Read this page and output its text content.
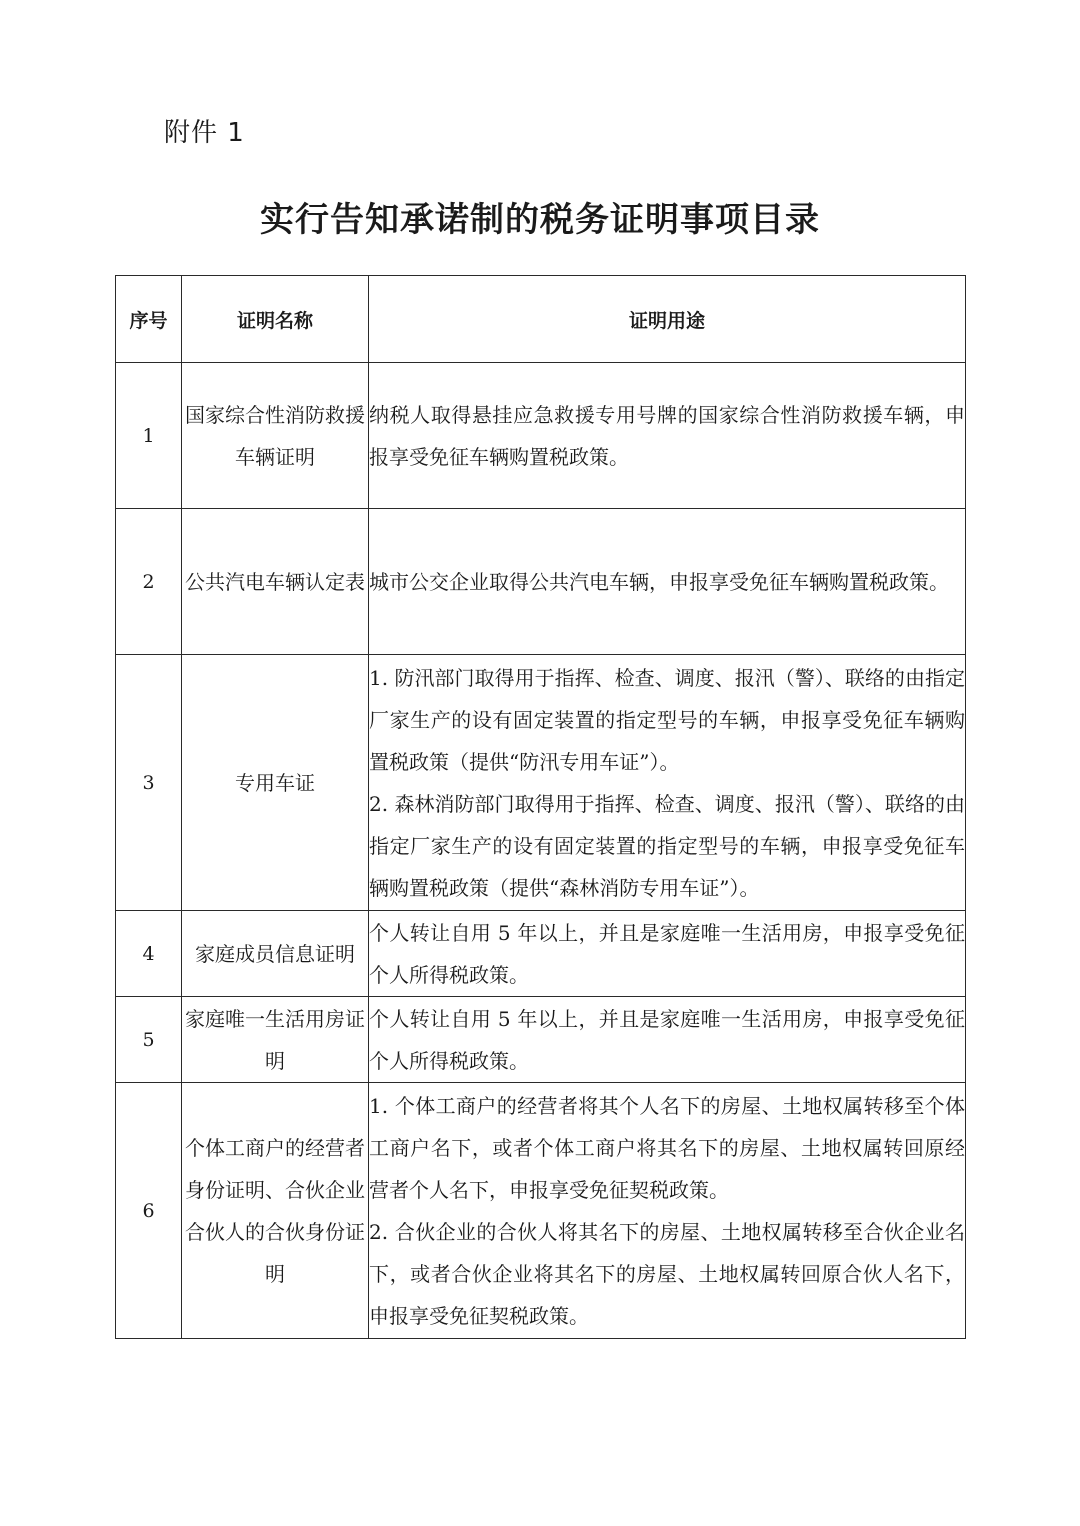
附件 1
实行告知承诺制的税务证明事项目录
序号	证明名称	证明用途
1	国家综合性消防救援车辆证明	纳税人取得悬挂应急救援专用号牌的国家综合性消防救援车辆，申报享受免征车辆购置税政策。

2	公共汽电车辆认定表	城市公交企业取得公共汽电车辆，申报享受免征车辆购置税政策。

3	专用车证	1. 防汛部门取得用于指挥、检查、调度、报汛（警）、联络的由指定厂家生产的设有固定装置的指定型号的车辆，申报享受免征车辆购置税政策（提供“防汛专用车证”）。

2. 森林消防部门取得用于指挥、检查、调度、报汛（警）、联络的由指定厂家生产的设有固定装置的指定型号的车辆，申报享受免征车辆购置税政策（提供“森林消防专用车证”）。

4	家庭成员信息证明	个人转让自用 5 年以上，并且是家庭唯一生活用房，申报享受免征个人所得税政策。

5	家庭唯一生活用房证明	个人转让自用 5 年以上，并且是家庭唯一生活用房，申报享受免征个人所得税政策。

6	个体工商户的经营者身份证明、合伙企业合伙人的合伙身份证明	1. 个体工商户的经营者将其个人名下的房屋、土地权属转移至个体工商户名下，或者个体工商户将其名下的房屋、土地权属转回原经营者个人名下，申报享受免征契税政策。

2. 合伙企业的合伙人将其名下的房屋、土地权属转移至合伙企业名下，或者合伙企业将其名下的房屋、土地权属转回原合伙人名下，申报享受免征契税政策。
